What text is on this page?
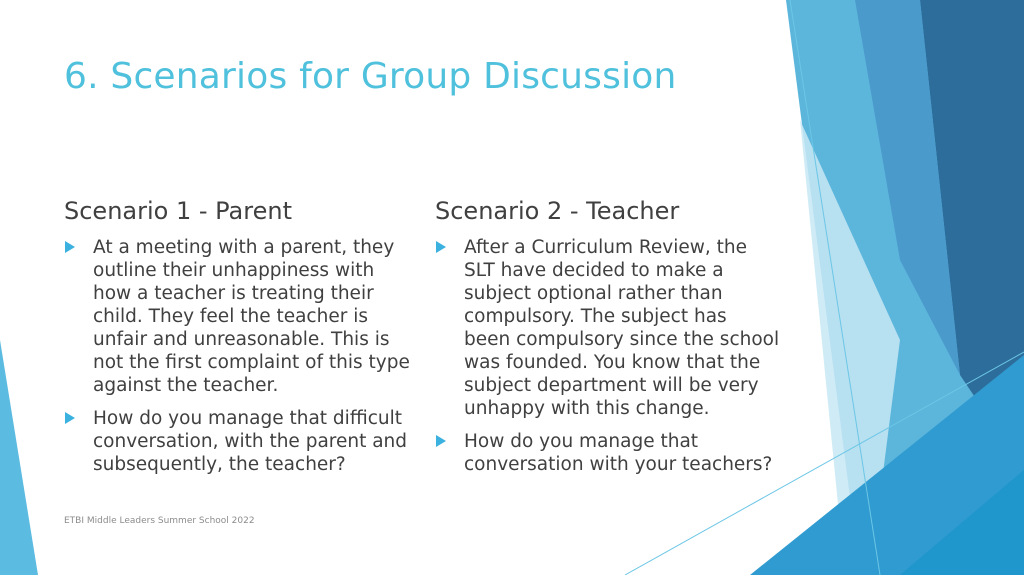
6. Scenarios for Group Discussion
Scenario 1 - Parent
At a meeting with a parent, they
outline their unhappiness with
how a teacher is treating their
child. They feel the teacher is
unfair and unreasonable. This is
not the first complaint of this type
against the teacher.
How do you manage that difficult
conversation, with the parent and
subsequently, the teacher?
Scenario 2 - Teacher
After a Curriculum Review, the
SLT have decided to make a
subject optional rather than
compulsory. The subject has
been compulsory since the school
was founded. You know that the
subject department will be very
unhappy with this change.
How do you manage that
conversation with your teachers?
ETBI Middle Leaders Summer School 2022
